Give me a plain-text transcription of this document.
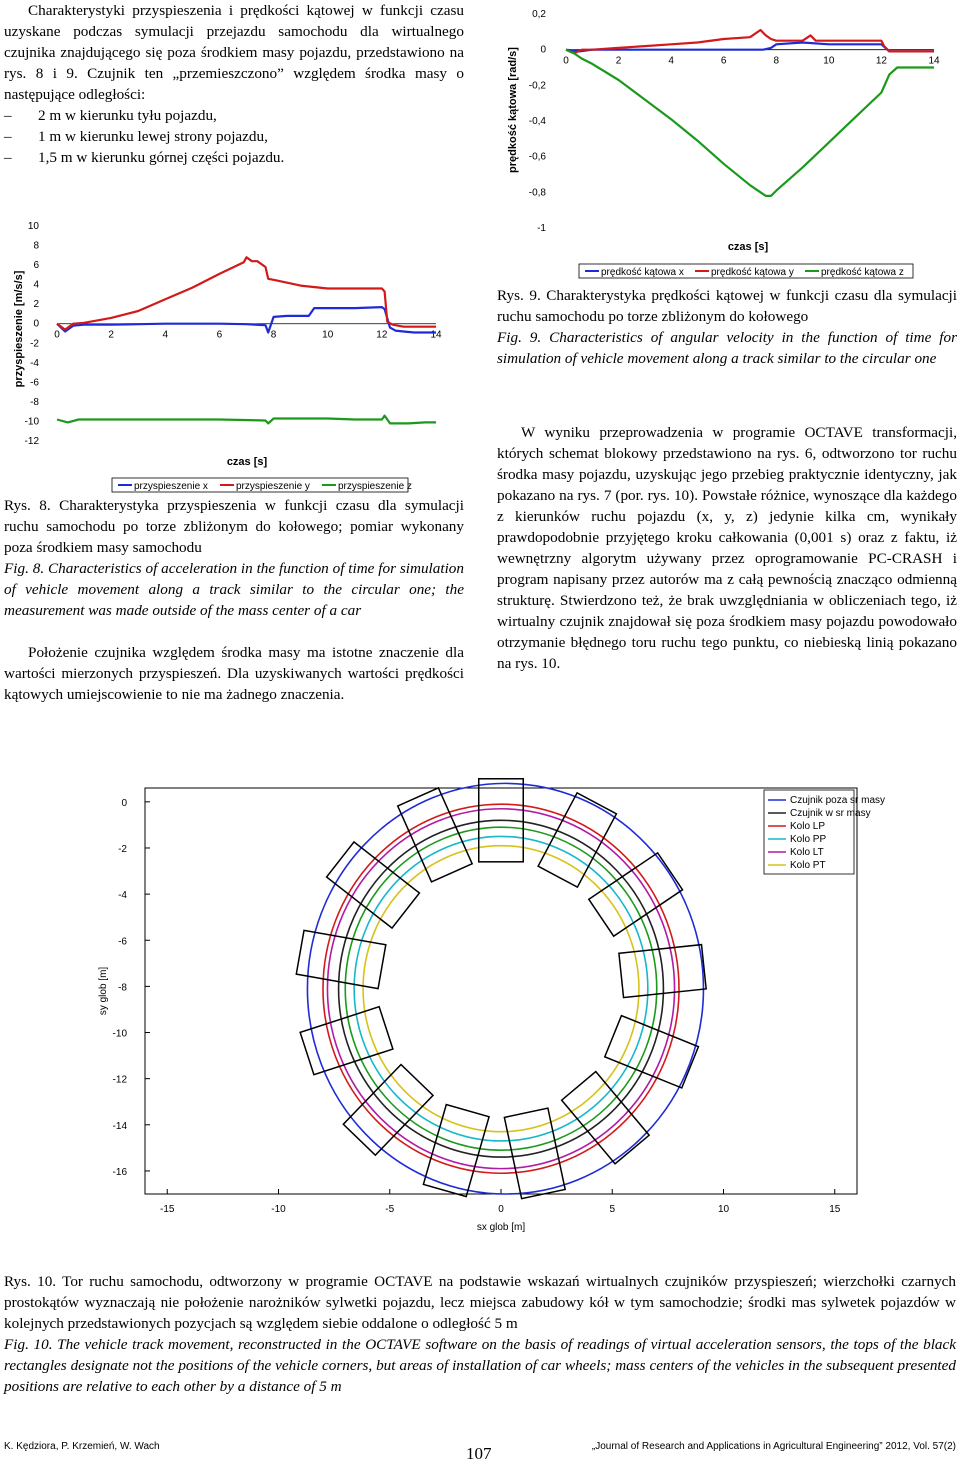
Charakterystyki przyspieszenia i prędkości kątowej w funkcji czasu uzyskane podczas symulacji przejazdu samochodu dla wirtualnego czujnika znajdującego się poza środkiem masy pojazdu, przedstawiono na rys. 8 i 9. Czujnik ten „przemieszczono” względem środka masy o następujące odległości:

–	2 m w kierunku tyłu pojazdu,
–	1 m w kierunku lewej strony pojazdu,
–	1,5 m w kierunku górnej części pojazdu.
0,2
0
-0,2
-0,4
-0,6
-0,8
-1
0	2	4	6	8	10	12	14
czas [s]
prędkość kątowa [rad/s]
prędkość kątowa x	prędkość kątowa y	prędkość kątowa z
10
8
6
4
2
0
-2
-4
-6
-8
-10
-12
0	2	4	6	8	10	12	14
czas [s]
przyspieszenie [m/s/s]
przyspieszenie x	przyspieszenie y	przyspieszenie z

Rys. 9. Charakterystyka prędkości kątowej w funkcji czasu dla symulacji ruchu samochodu po torze zbliżonym do kołowego

Fig. 9. Characteristics of angular velocity in the function of time for simulation of vehicle movement along a track similar to the circular one

Rys. 8. Charakterystyka przyspieszenia w funkcji czasu dla symulacji ruchu samochodu po torze zbliżonym do kołowego; pomiar wykonany poza środkiem masy samochodu

Fig. 8. Characteristics of acceleration in the function of time for simulation of vehicle movement along a track similar to the circular one; the measurement was made outside of the mass center of a car

Położenie czujnika względem środka masy ma istotne znaczenie dla wartości mierzonych przyspieszeń. Dla uzyskiwanych wartości prędkości kątowych umiejscowienie to nie ma żadnego znaczenia.

W wyniku przeprowadzenia w programie OCTAVE transformacji, których schemat blokowy przedstawiono na rys. 6, odtworzono tor ruchu środka masy pojazdu, uzyskując jego przebieg praktycznie identyczny, jak pokazano na rys. 7 (por. rys. 10). Powstałe różnice, wynoszące dla każdego z kierunków ruchu pojazdu (x, y, z) jedynie kilka cm, wynikały prawdopodobnie przyjętego kroku całkowania (0,001 s) oraz z faktu, iż wewnętrzny algorytm używany przez oprogramowanie PC-CRASH i program napisany przez autorów ma z całą pewnością znacząco odmienną strukturę. Stwierdzono też, że brak uwzględniania w obliczeniach tego, iż wirtualny czujnik znajdował się poza środkiem masy pojazdu powodowało otrzymanie błędnego toru ruchu tego punktu, co niebieską linią pokazano na rys. 10.

0
-2
-4
-6
-8
-10
-12
-14
-16
-15	-10	-5	0	5	10	15
sx glob [m]
sy glob [m]
Czujnik poza sr masy
Czujnik w sr masy
Kolo LP
Kolo PP
Kolo LT
Kolo PT

Rys. 10. Tor ruchu samochodu, odtworzony w programie OCTAVE na podstawie wskazań wirtualnych czujników przyspieszeń; wierzchołki czarnych prostokątów wyznaczają nie położenie narożników sylwetki pojazdu, lecz miejsca zabudowy kół w tym samochodzie; środki mas sylwetek pojazdów w kolejnych przedstawionych pozycjach są względem siebie oddalone o odległość 5 m

Fig. 10. The vehicle track movement, reconstructed in the OCTAVE software on the basis of readings of virtual acceleration sensors, the tops of the black rectangles designate not the positions of the vehicle corners, but areas of installation of car wheels; mass centers of the vehicles in the subsequent presented positions are relative to each other by a distance of 5 m

K. Kędziora, P. Krzemień, W. Wach	107	„Journal of Research and Applications in Agricultural Engineering” 2012, Vol. 57(2)
